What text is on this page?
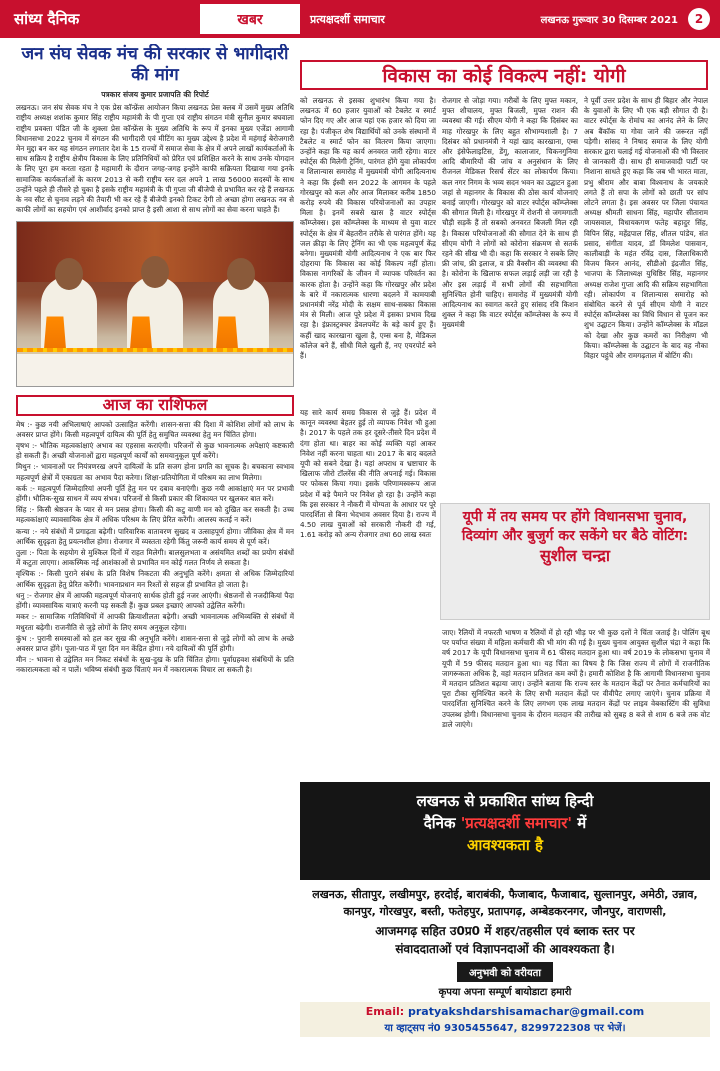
सांध्य दैनिक	खबर	प्रत्यक्षदर्शी समाचार	लखनऊ गुरूवार 30 दिसम्बर 2021	2
जन संघ सेवक मंच की सरकार से भागीदारी की मांग
पत्रकार संजय कुमार प्रजापति की रिपोर्ट
लखनऊ। जन संघ सेवक मंच ने एक प्रेस कॉन्फ्रेंस आयोजन किया लखनऊ प्रेस क्लब में उसमें मुख्य अतिथि राष्ट्रीय अध्यक्ष शशांक कुमार सिंह राष्ट्रीय महामंत्री के पी गुप्ता एवं राष्ट्रीय संगठन मंत्री सुनील कुमार बघवाला राष्ट्रीय प्रवक्ता पंडित जी के शुक्ला प्रेस कॉन्फ्रेंस के मुख्य अतिथि के रूप में इनका मुख्य एजेंडा आगामी विधानसभा 2022 चुनाव में संगठन की भागीदारी एवं मीटिंग का मुख्य उद्देश्य है प्रदेश में महंगाई बेरोजगारी मेन मुद्दा बन कर यह संगठन लगातार देश के 15 राज्यों में समाज सेवा के क्षेत्र में अपने लाखों कार्यकर्ताओं के साथ सक्रिय है राष्ट्रीय क्षेत्रीय विकास के लिए प्रतिनिधियों को प्रेरित एवं प्रशिक्षित करने के साथ उनके योगदान के लिए पूरा हम करता रहता है महामारी के दौरान जगह-जगह इन्होंने काफी सक्रियता दिखाया गया इनके सामाजिक कार्यकर्ताओं के कारण 2013 से करी राष्ट्रीय स्तर दल अपने 1 लाख 56000 सदस्यों के साथ उन्होंने पहले ही तीसरे हो चुका है इसके राष्ट्रीय महामंत्री के पी गुप्ता जी बीजेपी से प्रभावित कर रहे हैं लखनऊ के नव सीट से चुनाव लड़ने की तैयारी भी कर रहे हैं बीजेपी इनको टिकट देगी तो अच्छा होगा लखनऊ नव से काफी लोगों का सहयोग एवं आशीर्वाद इनको प्राप्त है इसी आशा से साथ लोगों का सेवा करना चाहते हैं।
आज का राशिफल

मेष :- कुछ नयी अभिलाषाएं आपको उत्साहित करेंगी। शासन-सत्ता की दिशा में कोशिश लोगों को लाभ के अवसर प्राप्त होंगे। किसी महत्वपूर्ण दायित्व की पूर्ति हेतु समुचित व्यवस्था हेतु मन चिंतित होगा।

वृषभ :- भौतिक महत्वकांक्षाएं अभाव का एहसास कराएंगी। परिजनों से कुछ भावनात्मक अपेक्षाएं कष्टकारी हो सकती हैं। अच्छी योजनाओं द्वारा महत्वपूर्ण कार्यों को समयानुकूल पूर्ण करेंगे।

मिथुन :- भावनाओं पर नियंत्रणरख अपने दायित्वों के प्रति सजग होना प्रगति का सूचक है। बचकाना स्वभाव महत्वपूर्ण क्षेत्रों में एकाग्रता का अभाव पैदा करेगा। शिक्षा-प्रतियोगिता में परिश्रम का लाभ मिलेगा।

कर्क :- महत्वपूर्ण जिम्मेदारियां अपनी पूर्ति हेतु मन पर दबाव बनाएंगी। कुछ नयी आकांक्षाएं मन पर प्रभावी होंगी। भौतिक-सुख साधन में व्यय संभव। परिजनों से किसी प्रकार की शिकायत पर खुलकर बात करें।

सिंह :- किसी श्रेष्ठजन के प्यार से मन प्रसन्न होगा। किसी की कटु वाणी मन को दुखित कर सकती है। उच्च महत्वकांक्षाएं व्यावसायिक क्षेत्र में अधिक परिश्रम के लिए प्रेरित करेंगी। आलस्य कतई न करें।

कन्या :- नये संबंधों में प्रगाढ़ता बढ़ेगी। पारिवारिक वातावरण सुखद व उत्साहपूर्ण होगा। जीविका क्षेत्र में मन आर्थिक सुदृढ़ता हेतु प्रयत्नशील होगा। रोजगार में व्यस्तता रहेगी किंतु जरूरी कार्य समय से पूर्ण करें।

तुला :- पिता के सहयोग से मुश्किल दिनों में राहत मिलेगी। बालसुलभता व असंयमित शब्दों का प्रयोग संबंधों में कटुता लाएगा। आकस्मिक नई आशंकाओं से प्रभावित मन कोई गलत निर्णय ले सकता है।

वृश्चिक :- किसी पुराने संबंध के प्रति विशेष निकटता की अनुभूति करेंगे। क्षमता से अधिक जिम्मेदारियां आर्थिक सुदृढ़ता हेतु प्रेरित करेंगी। भावनाप्रधान मन रिश्तों से सहज ही प्रभावित हो जाता है।

धनु :- रोजगार क्षेत्र में आपकी महत्वपूर्ण योजनाएं सार्थक होती हुई नजर आएंगी। श्रेष्ठजनों से नजदीकियां पैदा होंगी। व्यावसायिक यात्राएं करनी पड़ सकती हैं। कुछ प्रबल इच्छाएं आपको उद्वेलित करेंगी।

मकर :- सामाजिक गतिविधियों में आपकी क्रियाशीलता बढ़ेगी। अच्छी भावनात्मक अभिव्यक्ति से संबंधों में मधुरता बढ़ेगी। राजनीति से जुड़े लोगों के लिए समय अनुकूल रहेगा।

कुंभ :- पुरानी समस्याओं को हल कर सुख की अनुभूति करेंगे। शासन-सत्ता से जुड़े लोगों को लाभ के अच्छे अवसर प्राप्त होंगे। पूजा-पाठ में पूरा दिन मन केंद्रित होगा। नये दायित्वों की पूर्ति होगी।

मीन :- भावना से उद्वेलित मन निकट संबंधों के सुख-दुख के प्रति चिंतित होगा। पूर्वाग्रहवश संबंधियों के प्रति नकारात्मकता को न पालें। भविष्य संबंधी कुछ चिंताएं मन में नकारात्मक विचार ला सकती है।

विकास का कोई विकल्प नहीं: योगी
को लखनऊ से इसका शुभारंभ किया गया है। लखनऊ में 60 हजार युवाओं को टैबलेट व स्मार्ट फोन दिए गए और आज यहां एक हजार को दिया जा रहा है। पंजीकृत शेष विद्यार्थियों को उनके संस्थानों में टैबलेट व स्मार्ट फोन का वितरण किया जाएगा। उन्होंने कहा कि यह कार्य अनवरत जारी रहेगा। वाटर स्पोर्ट्स की मिलेगी ट्रेनिंग, पारंगत होंगे युवा लोकार्पण व शिलान्यास समारोह में मुख्यमंत्री योगी आदित्यनाथ ने कहा कि ईस्वी सन 2022 के आगमन के पहले गोरखपुर को कल और आज मिलाकर करीब 1850 करोड़ रुपये की विकास परियोजनाओं का उपहार मिला है। इनमें सबसे खास है वाटर स्पोर्ट्स कॉम्प्लेक्स। इस कॉम्प्लेक्स के माध्यम से युवा वाटर स्पोर्ट्स के क्षेत्र में बेहतरीन तरीके से पारंगत होंगे। यह जल क्रीड़ा के लिए ट्रेनिंग का भी एक महत्वपूर्ण केंद्र बनेगा। मुख्यमंत्री योगी आदित्यनाथ ने एक बार फिर दोहराया कि विकास का कोई विकल्प नहीं होता। विकास नागरिकों के जीवन में व्यापक परिवर्तन का कारक होता है। उन्होंने कहा कि गोरखपुर और प्रदेश के बारे में नकारात्मक धारणा बदलने में कामयाबी प्रधानमंत्री नरेंद्र मोदी के सक्षम साथ-सबका विकास मंत्र से मिली। आज पूरे प्रदेश में इसका प्रभाव दिख रहा है। इंफ्रास्ट्रक्चर डेवलपमेंट के बड़े कार्य हुए हैं। कहीं खाद कारखाना खुला है, एम्स बना है, मेडिकल कॉलेज बने हैं, सीधी मिले खुली हैं, नए एयरपोर्ट बने हैं।
यह सारे कार्य समग्र विकास से जुड़े हैं। प्रदेश में कानून व्यवस्था बेहतर हुई तो व्यापक निवेश भी हुआ है। 2017 के पहले तक हर दूसरे-तीसरे दिन प्रदेश में दंगा होता था। बाहर का कोई व्यक्ति यहां आकर निवेश नहीं करना चाहता था। 2017 के बाद बदलते यूपी को सबने देखा है। यहां अपराध व भ्रष्टाचार के खिलाफ जीरो टॉलरेंस की नीति अपनाई गई। विकास पर फोकस किया गया। इसके परिणामस्वरूप आज प्रदेश में बड़े पैमाने पर निवेश हो रहा है। उन्होंने कहा कि इस सरकार ने नौकरी में योग्यता के आधार पर पूरे पारदर्शिता से बिना भेदभाव अवसर दिया है। राज्य में 4.50 लाख युवाओं को सरकारी नौकरी दी गई, 1.61 करोड़ को अन्य रोजगार तथा 60 लाख स्वतः
रोजगार से जोड़ा गया। गरीबों के लिए मुफ्त मकान, मुफ्त शौचालय, मुफ्त बिजली, मुफ्त राशन की व्यवस्था की गई। सीएम योगी ने कहा कि दिसंबर का माह गोरखपुर के लिए बहुत सौभाग्यशाली है। 7 दिसंबर को प्रधानमंत्री ने यहां खाद कारखाना, एम्स और इंसेफेलाइटिस, डेंगू, कालाजार, चिकनगुनिया आदि बीमारियों की जांच व अनुसंधान के लिए रीजनल मेडिकल रिसर्च सेंटर का लोकार्पण किया। कल नगर निगम के भव्य सदन भवन का उद्घाटन हुआ जहां से महानगर के विकास की ठोस कार्य योजनाएं बनाई जाएगी। गोरखपुर को वाटर स्पोर्ट्स कॉम्प्लेक्स की सौगात मिली है। गोरखपुर में रोशनी से जगमगाती चौड़ी सड़कें हैं तो सबको अनवरत बिजली मिल रही है। विकास परियोजनाओं की सौगात देने के साथ ही सीएम योगी ने लोगों को कोरोना संक्रमण से सतर्क रहने की सीख भी दी। कहा कि सरकार ने सबके लिए फ्री जांच, फ्री इलाज, व फ्री वैक्सीन की व्यवस्था की है। कोरोना के खिलाफ सफल लड़ाई लड़ी जा रही है और इस लड़ाई में सभी लोगों की सहभागिता सुनिश्चित होनी चाहिए। समारोह में मुख्यमंत्री योगी आदित्यनाथ का स्वागत करते हुए सांसद रवि किशन शुक्ल ने कहा कि वाटर स्पोर्ट्स कॉम्प्लेक्स के रूप में मुख्यमंत्री
ने पूर्वी उत्तर प्रदेश के साथ ही बिहार और नेपाल के युवाओं के लिए भी एक बड़ी सौगात दी है। वाटर स्पोर्ट्स के रोमांच का आनंद लेने के लिए अब बैंकॉक या गोवा जाने की जरूरत नहीं पड़ेगी। सांसद ने निषाद समाज के लिए योगी सरकार द्वारा चलाई गई योजनाओं की भी विस्तार से जानकारी दी। साथ ही समाजवादी पार्टी पर निशाना साधते हुए कहा कि जब भी भारत माता, प्रभु श्रीराम और बाबा विश्वनाथ के जयकारे लगते हैं तो सपा के लोगों को छाती पर सांप लोटने लगता है। इस अवसर पर जिला पंचायत अध्यक्ष श्रीमती साधना सिंह, महापौर सीताराम जायसवाल, विधायकगण फतेह बहादुर सिंह, विपिन सिंह, महेंद्रपाल सिंह, शीतल पांडेय, संत प्रसाद, संगीता यादव, डॉ विमलेश पासवान, कालीबाड़ी के महंत रविंद्र दास, जिलाधिकारी विजय किरन आनंद, सीडीओ इंद्रजीत सिंह, भाजपा के जिलाध्यक्ष युधिष्ठिर सिंह, महानगर अध्यक्ष राजेश गुप्ता आदि की सक्रिय सहभागिता रही। लोकार्पण व शिलान्यास समारोह को संबोधित करने से पूर्व सीएम योगी ने वाटर स्पोर्ट्स कॉम्प्लेक्स का विधि विधान से पूजन कर शुभ उद्घाटन किया। उन्होंने कॉम्प्लेक्स के मॉडल को देखा और कुछ कमरों का निरीक्षण भी किया। कॉम्प्लेक्स के उद्घाटन के बाद वह नौका विहार पहुंचे और रामगढ़ताल में बोटिंग की।
यूपी में तय समय पर होंगे विधानसभा चुनाव, दिव्यांग और बुजुर्ग कर सकेंगे घर बैठे वोटिंग:
सुशील चन्द्रा
जाए। रैलियों में नफरती भाषण व रैलियों में हो रही भीड़ पर भी कुछ दलों ने चिंता जताई है। पोलिंग बूथ पर पर्याप्त संख्या में महिला कर्मचारी की भी मांग की गई है। मुख्य चुनाव आयुक्त सुशील चंद्रा ने कहा कि वर्ष 2017 के यूपी विधानसभा चुनाव में 61 फीसद मतदान हुआ था। वर्ष 2019 के लोकसभा चुनाव में यूपी में 59 फीसद मतदान हुआ था। यह चिंता का विषय है कि जिस राज्य में लोगों में राजनीतिक जागरूकता अधिक है, वहां मतदान प्रतिशत कम क्यों है। हमारी कोशिश है कि आगामी विधानसभा चुनाव में मतदान प्रतिशत बढ़ाया जाए। उन्होंने बताया कि राज्य स्तर के मतदान केंद्रों पर तैनात कर्मचारियों का पूरा टीका सुनिश्चित करने के लिए सभी मतदान केंद्रों पर वीवीपैट लगाए जाएंगे। चुनाव प्रक्रिया में पारदर्शिता सुनिश्चित करने के लिए लगभग एक लाख मतदान केंद्रों पर लाइव वेबकास्टिंग की सुविधा उपलब्ध होगी। विधानसभा चुनाव के दौरान मतदान की तारीख को सुबह 8 बजे से शाम 6 बजे तक वोट डाले जाएंगे।
लखनऊ से प्रकाशित सांध्य हिन्दी
दैनिक 'प्रत्यक्षदर्शी समाचार' में
आवश्यकता है
लखनऊ, सीतापुर, लखीमपुर, हरदोई, बाराबंकी, फैजाबाद, फैजाबाद, सुल्तानपुर, अमेठी, उन्नाव, कानपुर, गोरखपुर, बस्ती, फतेहपुर, प्रतापगढ़, अम्बेडकरनगर, जौनपुर, वाराणसी,
आजमगढ़ सहित उ0प्र0 में शहर/तहसील एवं ब्लाक स्तर पर
संवाददाताओं एवं विज्ञापनदाओं की आवश्यकता है।
अनुभवी को वरीयता
कृपया अपना सम्पूर्ण बायोडाटा हमारी
Email: pratyakshdarshisamachar@gmail.com
या व्हाट्सप नं0 9305455647, 8299722308 पर भेजें।
